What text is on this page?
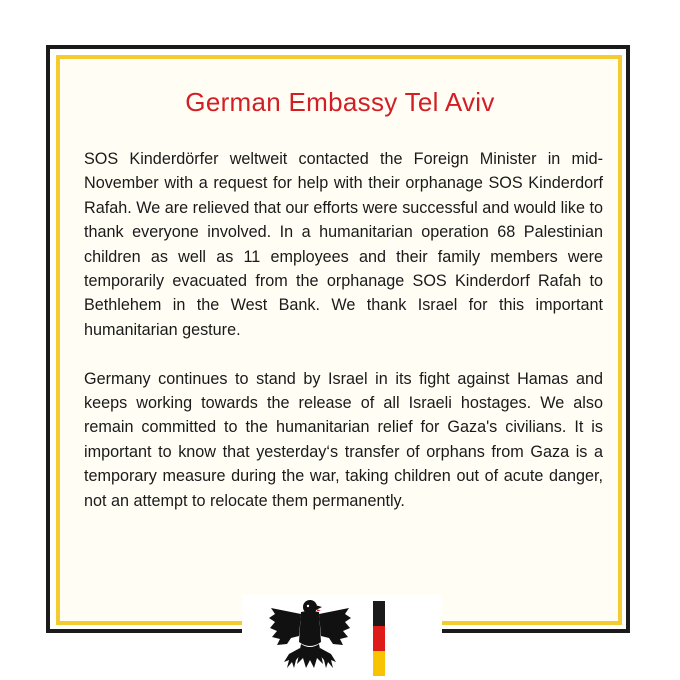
German Embassy Tel Aviv

SOS Kinderdörfer weltweit contacted the Foreign Minister in mid-November with a request for help with their orphanage SOS Kinderdorf Rafah. We are relieved that our efforts were successful and would like to thank everyone involved. In a humanitarian operation 68 Palestinian children as well as 11 employees and their family members were temporarily evacuated from the orphanage SOS Kinderdorf Rafah to Bethlehem in the West Bank. We thank Israel for this important humanitarian gesture.

Germany continues to stand by Israel in its fight against Hamas and keeps working towards the release of all Israeli hostages. We also remain committed to the humanitarian relief for Gaza's civilians. It is important to know that yesterday‘s transfer of orphans from Gaza is a temporary measure during the war, taking children out of acute danger, not an attempt to relocate them permanently.
